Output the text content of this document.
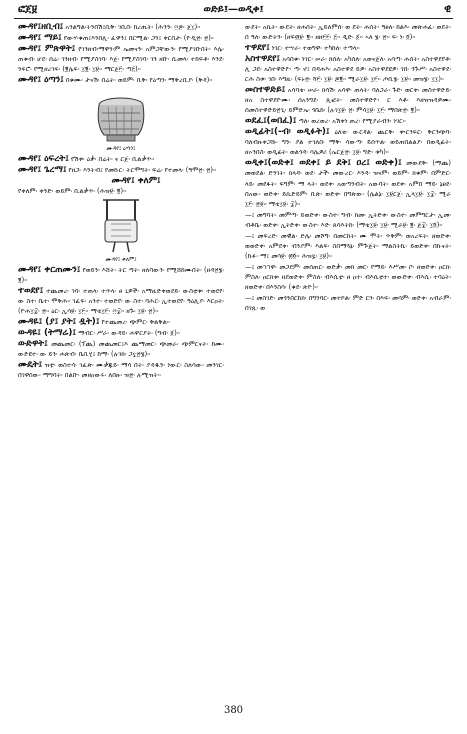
ፎጀ፱	ወድይ፤—ወዲቀ፤	ዊ
ሙዳየ፤ዘቢብ፤ አንልግል፡ትንበሽ፤ቢቅ፡ ገቢበ፡ ከረጢት፡ (ሕንን፡ ፵፷፡ ጀ፲)።
ሙዳየ፤ ማይ፤ የውሃ፡ቁጠ፤እንበሊ፡ ፈዋን፤ በርሚል፡ ጋን፤ ቀርበታ፡ (ዮዲ፳፡ ፳)።
ሙዳየ፤ ምጽዋት፤ የገንዘብ፡ማዋን፡ም ኤመናን፡ አምጋቸውን፡ የሚያገቡበት፡ እሌ፡ ጠቁብ፡ ሆደ፡ ሰሬ፡ ገንዘብ፡ የሚያስገባ፡ እጀ፡ የሚያስገባ፡ ገን ዘቡ፡ ሲመላ፡ ተከፍቶ፡ እንደ፡ ንፍሮ፡ የሚዘረገፍ፡ (፪ሌፍ፡ ፲፪፡ ፲፱። ማርጀ፫፡ ጣ፭)።
ሙዳየ፤ ዕጣን፤ በቁሙ፡ ታናሽ፡ በሬት፡ ወይም፡ ቢቅ፡ የዕጣን፡ ማቅረቢያ፡ (ቅዳ)።
ሙዳየ፤ ዕጣን፤
ሙዳየ፤ ዕፍረት፤ የሽቱ፡ ዕቃ፡ በሬት፡ ና ርጀ፡ ቢልቃጥ።
ሙዳየ፤ ጌረማ፤ የዘጋ፡ እንትብ፤ የመኩር፡ ትርሞግት፡ ፍሬ፡ የተመላ፡ (ዓሞ፳፡ ፳)።
ሙዳየ፤ ቀለም፤
የቀለም፡ ቀንድ፡ ወይም፡ ቢልቃጥ፡ (ሕዝ፱፡ ፪)።
ሙዳየ፤ ቀለም፤
ሙዳየ፤ ቀርጠሙን፤ የወይን፡ እሸት፡ ትር ጣት፡ ዘለባውን፡ የሚሸከሙበት፡ (ዘዳ፳፮፡ ፪)።
ተወደየ፤ ተጨመረ፡ ገባ፡ ተጠላ፡ ተጥላ፡ ፀ ኒዎች፡ አማዚድቀወደይ፡ ውስቲቱ፡ ተወደየ፡ ው ስተ፡ ቤተ፡ ሞቅሕ። ገፈፍ፡ አንተ፡ ተወድየ፡ ው ስተ፡ ባሕር፡ ኢተወደየ፡ ዓዕሊያ፡ እርዐት፡ (ዮሐ፲፰፡ ፳። ዕር፡ ኢሳ፱፡ ፲፫። ማቴ፲፫፡ ፵፰። ዘጉ፡ ፲፱፡ ፳)።
ሙዳዬ፤ (ያ፤ ያት፤ ዷት)፤ የተጨመረ፡ ጭምር፡ ቅልቅል።
ውዳዬ፤ (ትማሬ)፤ ማብር፡ ሥራ፡ ውዳይ፡ ሐዋርያት፡ (ግብ፡ ፩)።
ውድዋት፤ መጨመር፡ (ፕጨ) መጨመር፤እ ጨማመር፡ ጭመራ፡ ጭምርናት፡ ከሙ፡ ውድዩተ፡ ው ይን፡ ሐጽብ፡ ቤቢሂ፤ ከማ፡ (ሉገክ፡ ጋኗ፳፮)።
ሙዴት፤ ዝቲ፡ ወስተሳ፡ ገፈጽ፡ ሙቃጁይ፡ ማሳ በት፡ ያዳዱን፡ ነውር፡ ስለሳው፡ መንገር፡ በገዋሰው፡ ማግባት፡ በልቡ፡ መዘዐውሩ፡ ለበዙ፡ ዝ፳፡ ሉሚዝት።
ውደት፡ አኪት፡ ውደት፡ ዘሐሰት፡ ኢይለምሰ፡ ወ ደት፡ ሐሰት፡ ዓፀለ፡ ከልእ፡ መጽሐፈ፡ ወደት፡ በ ዓለ፡ ውድትን፡ (ዘፍ፴፱፡ ፪። ዘዘ፫፫፡ ፭። ዲድ፡ ፩። ኣለ ፮፡ ፳። ፍ፡ ነ፡ ፬)።
ተዋደየ፤ ነገር፡ ተሣራ፡ ተወግዋ፡ ተካከለ፡ ተጣላ።
አስተዋደየ፤ አሳበቁ፡ ነገር፡ ሠራ፡ ክሰለ፡ አካሰለ፡ አወናጀለ፡ አሳጣ፡ ሐሰት፡ አስተዋደየቶ፡ ሊ ጋደ፡ አስተዋድዮ፡ ጣ፡ ኖ፤ በዳሐእ፡ አስተዋደ ይዎ፡ አስተዋደዩዎ፡ ገበ፡ ንጉሥ፡ አስተዋደ፡ ርሕ ስቱ፡ ገበ፡ እግዚ፡ (ፍኑ፳፡ ሻ፫፡ ፲፱፡ ፷፪። ሚራ፲፱፡ ፲፫። ጦቢ፮፡ ፲፱። መዝ፮፡ ፲፲)።
መስተዋድይ፤ አሳባቂ፡ ሠራ፡ ክሳሽ፡ አሳዋ፡ ጠላት፡ ባለጋራ፡ ጉድ፡ ወርቀ፡ መስተዋድይ፡ ዘአ ስተዋደዮሙ፡ ሰአንግደ፡ ጺፎት፡ መስተዋድዮ፡ ር እቶ፡ እዘዝዝዳዎሙ፡ ሰመስተዋድይ፳ጊ፡ ይምድኤ፡ ጎቤከ፡ (ሉገ፲፱፡ ፳፡ ምሳ፲፱፡ ፲፫፡ ማበጽ፳፡ ፪)።
ወደፈ፤(ወበፈ)፤ ጣለ፡ ወረወረ፡ አሽቀነ ጠረ፡ የሚያራብን፡ ነገር።
ወዲፊት፤(-ብ፡ ወዲፉት)፤ ዕለቂ፡ ውርዳል፡ ጨርቅ፡ ቍርንፍር፡ ቅርንጭባ፡ ባለብዙቀጋሹ፡ ግን፡ ያል ተገለበ፡ ማቅ፡ ሳውጣ፡ ይሰጥል፡ ወይጠበልልያ፡ በወዲፊት፡ ዘኦንበስ፡ ወዲፊት፡ ወልጎዳ፡ ሳሌዎሪ (ኤርጀ፳፡ ፲፱፡ ግድ፡ ቱካ)።
ወዲቀ፤(ወድቀ፤ ወደቀ፤ ይ ደቅ፤ ዐረ፤ ወድቀ)፤ መውደቅ፡ (ማጨ) መወደል፡ ድንገት፡ ክላዳ፡ ወደ፡ ታች፡ መውረር፡ እንዳ፡ ዝናም፡ ወይም፡ ክቁም፡ በምድር፡ ላይ፡ መደፋት፡ ፍግም፡ ማ ላት፡ ወደቀ፡ አወጣንብት፡ አውባት፡ ወደቀ፡ አምበ ማይ፡ ኔፀደ፡ በአው፡ ወድቀ፡ ይኪድይም፡ ቢጽ፡ ወድቀ፡ በግጽው፡ (ሌልኔ፡ ፲፱ርጀ፡ ኢላ፲፱፡ ፲፰፡ ሚራ ፲፫፡ ፳፱። ማቴ፲፱፡ ፰)።
—፤ መግባት፡ መምጣ፡ ይወድቀ፡ ውስተ፡ ግብ፡ ክመ፡ ኢትድቀ፡ ውስተ፡ መምግርታ፡ ኢመ፡ ብቶቤ፡ ወድቀ፡ ኢትድቀ፡ ውስተ፡ እድ፡ ጸሳእትከ፡ (ማቴ፲፱፡ ፲፱፡ ሚራ፱፡ ፪፡ ጀ፰፡ ፲፬)።
—፤ መፍረድ፡ መዊል፡ ድሌ፡ መሾግ፡ በመርከት፡ ሙ ሞት፡ ጥቅም፡ ወአረፍት፡ ዘወድቀ፡ ወወድቀ፡ አምደቀ፡ ብንያም፡ እልፍ፡ ስበማጓኔ፡ ምጕጀት፡ ማልስትኬ፡ ይወድቀ፡ በኩናት፡ (ኩፉ፡ ማ፤ መሳ፱፡ ፴፬። ሕዝ፯፡ ፲፱)።
—፤ መኀኀዋ፡ መጋደም፡ መሰጠር፡ ወድቃ፡ መክ መር፡ የማይ፡ እሥመ፡ ቦ፡ ዘወድቀ፡ ዐርክ፡ ምስለ፡ ዐርክቱ፡ ዘደወድቀ፡ ምስለ፡ ብእሲቲ፡ ዘ ዐተ፡ ብእሲቲተ፡ ወውድቀ፡ ብእሲ፡ ተባዕት፡ ዘወድቀ፡ በእንስሳ፡ (ቁደ፡ ጽዮ)።
—፤ መስገድ፡ መጎንበርከክ፡ በግንባር፡ መተኮል፡ ምድ ርን፡ በእፍ፡ መሳም፡ ወድቀ፡ አብራም፡ በገጹ፡ ወ
380
